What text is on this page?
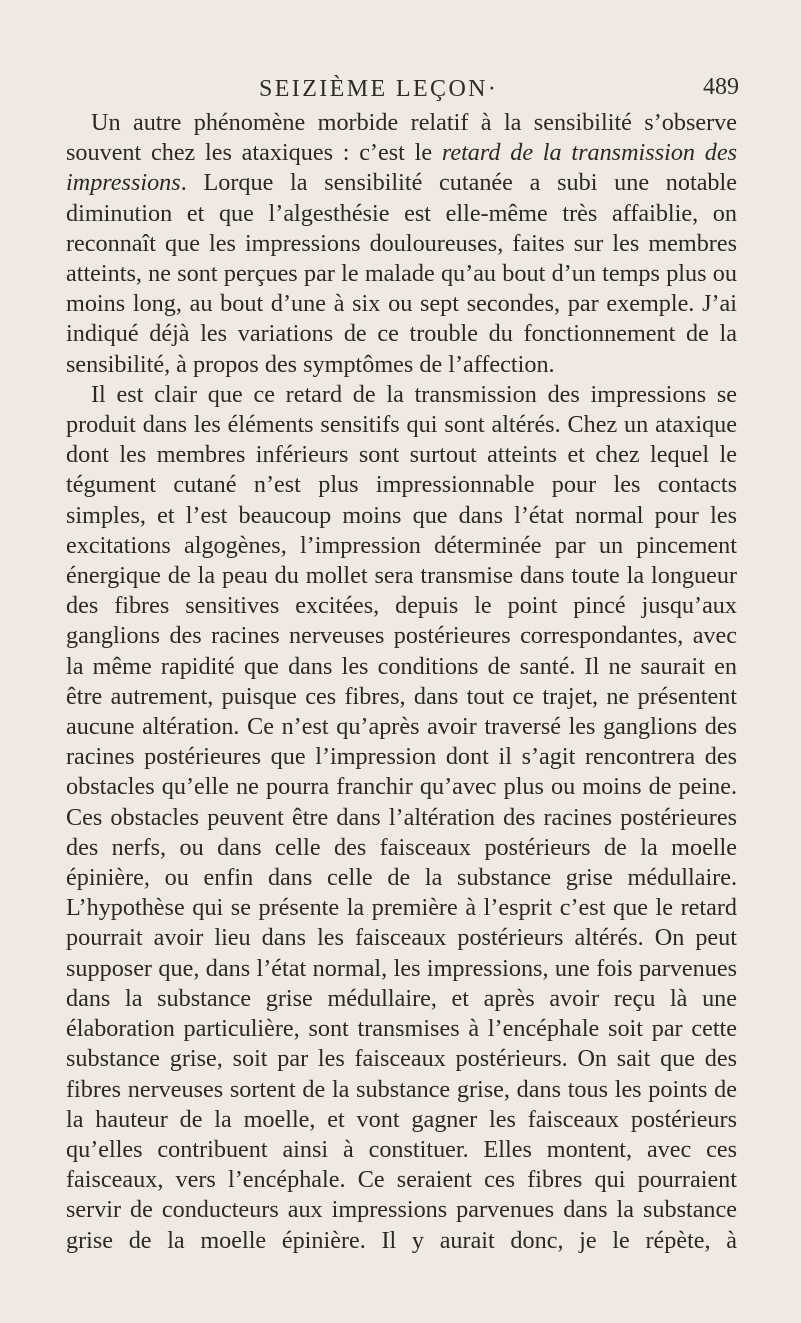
SEIZIÈME LEÇON·	489

Un autre phénomène morbide relatif à la sensibilité s’observe souvent chez les ataxiques : c’est le retard de la transmission des impressions. Lorque la sensibilité cutanée a subi une notable diminution et que l’algesthésie est elle-même très affaiblie, on reconnaît que les impressions douloureuses, faites sur les membres atteints, ne sont perçues par le malade qu’au bout d’un temps plus ou moins long, au bout d’une à six ou sept secondes, par exemple. J’ai indiqué déjà les variations de ce trouble du fonctionnement de la sensibilité, à propos des symptômes de l’affection.

Il est clair que ce retard de la transmission des impressions se produit dans les éléments sensitifs qui sont altérés. Chez un ataxique dont les membres inférieurs sont surtout atteints et chez lequel le tégument cutané n’est plus impressionnable pour les contacts simples, et l’est beaucoup moins que dans l’état normal pour les excitations algogènes, l’impression déterminée par un pincement énergique de la peau du mollet sera transmise dans toute la longueur des fibres sensitives excitées, depuis le point pincé jusqu’aux ganglions des racines nerveuses postérieures correspondantes, avec la même rapidité que dans les conditions de santé. Il ne saurait en être autrement, puisque ces fibres, dans tout ce trajet, ne présentent aucune altération. Ce n’est qu’après avoir traversé les ganglions des racines postérieures que l’impression dont il s’agit rencontrera des obstacles qu’elle ne pourra franchir qu’avec plus ou moins de peine. Ces obstacles peuvent être dans l’altération des racines postérieures des nerfs, ou dans celle des faisceaux postérieurs de la moelle épinière, ou enfin dans celle de la substance grise médullaire. L’hypothèse qui se présente la première à l’esprit c’est que le retard pourrait avoir lieu dans les faisceaux postérieurs altérés. On peut supposer que, dans l’état normal, les impressions, une fois parvenues dans la substance grise médullaire, et après avoir reçu là une élaboration particulière, sont transmises à l’encéphale soit par cette substance grise, soit par les faisceaux postérieurs. On sait que des fibres nerveuses sortent de la substance grise, dans tous les points de la hauteur de la moelle, et vont gagner les faisceaux postérieurs qu’elles contribuent ainsi à constituer. Elles montent, avec ces faisceaux, vers l’encéphale. Ce seraient ces fibres qui pourraient servir de conducteurs aux impressions parvenues dans la substance grise de la moelle épinière. Il y aurait donc, je le répète, à
